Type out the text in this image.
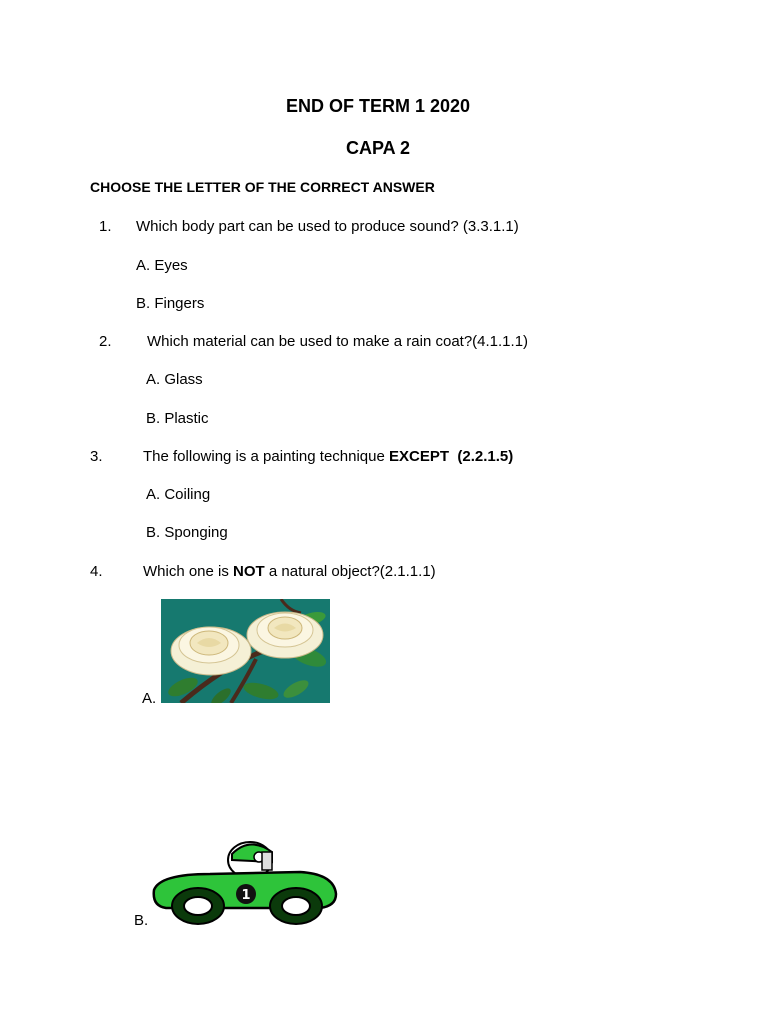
END OF TERM 1 2020
CAPA 2
CHOOSE THE LETTER OF THE CORRECT ANSWER
1. Which body part can be used to produce sound? (3.3.1.1)
A. Eyes
B. Fingers
2. Which material can be used to make a rain coat?(4.1.1.1)
A. Glass
B. Plastic
3.	The following is a painting technique EXCEPT (2.2.1.5)
A. Coiling
B. Sponging
4.	Which one is NOT a natural object?(2.1.1.1)
A.
B.
1
